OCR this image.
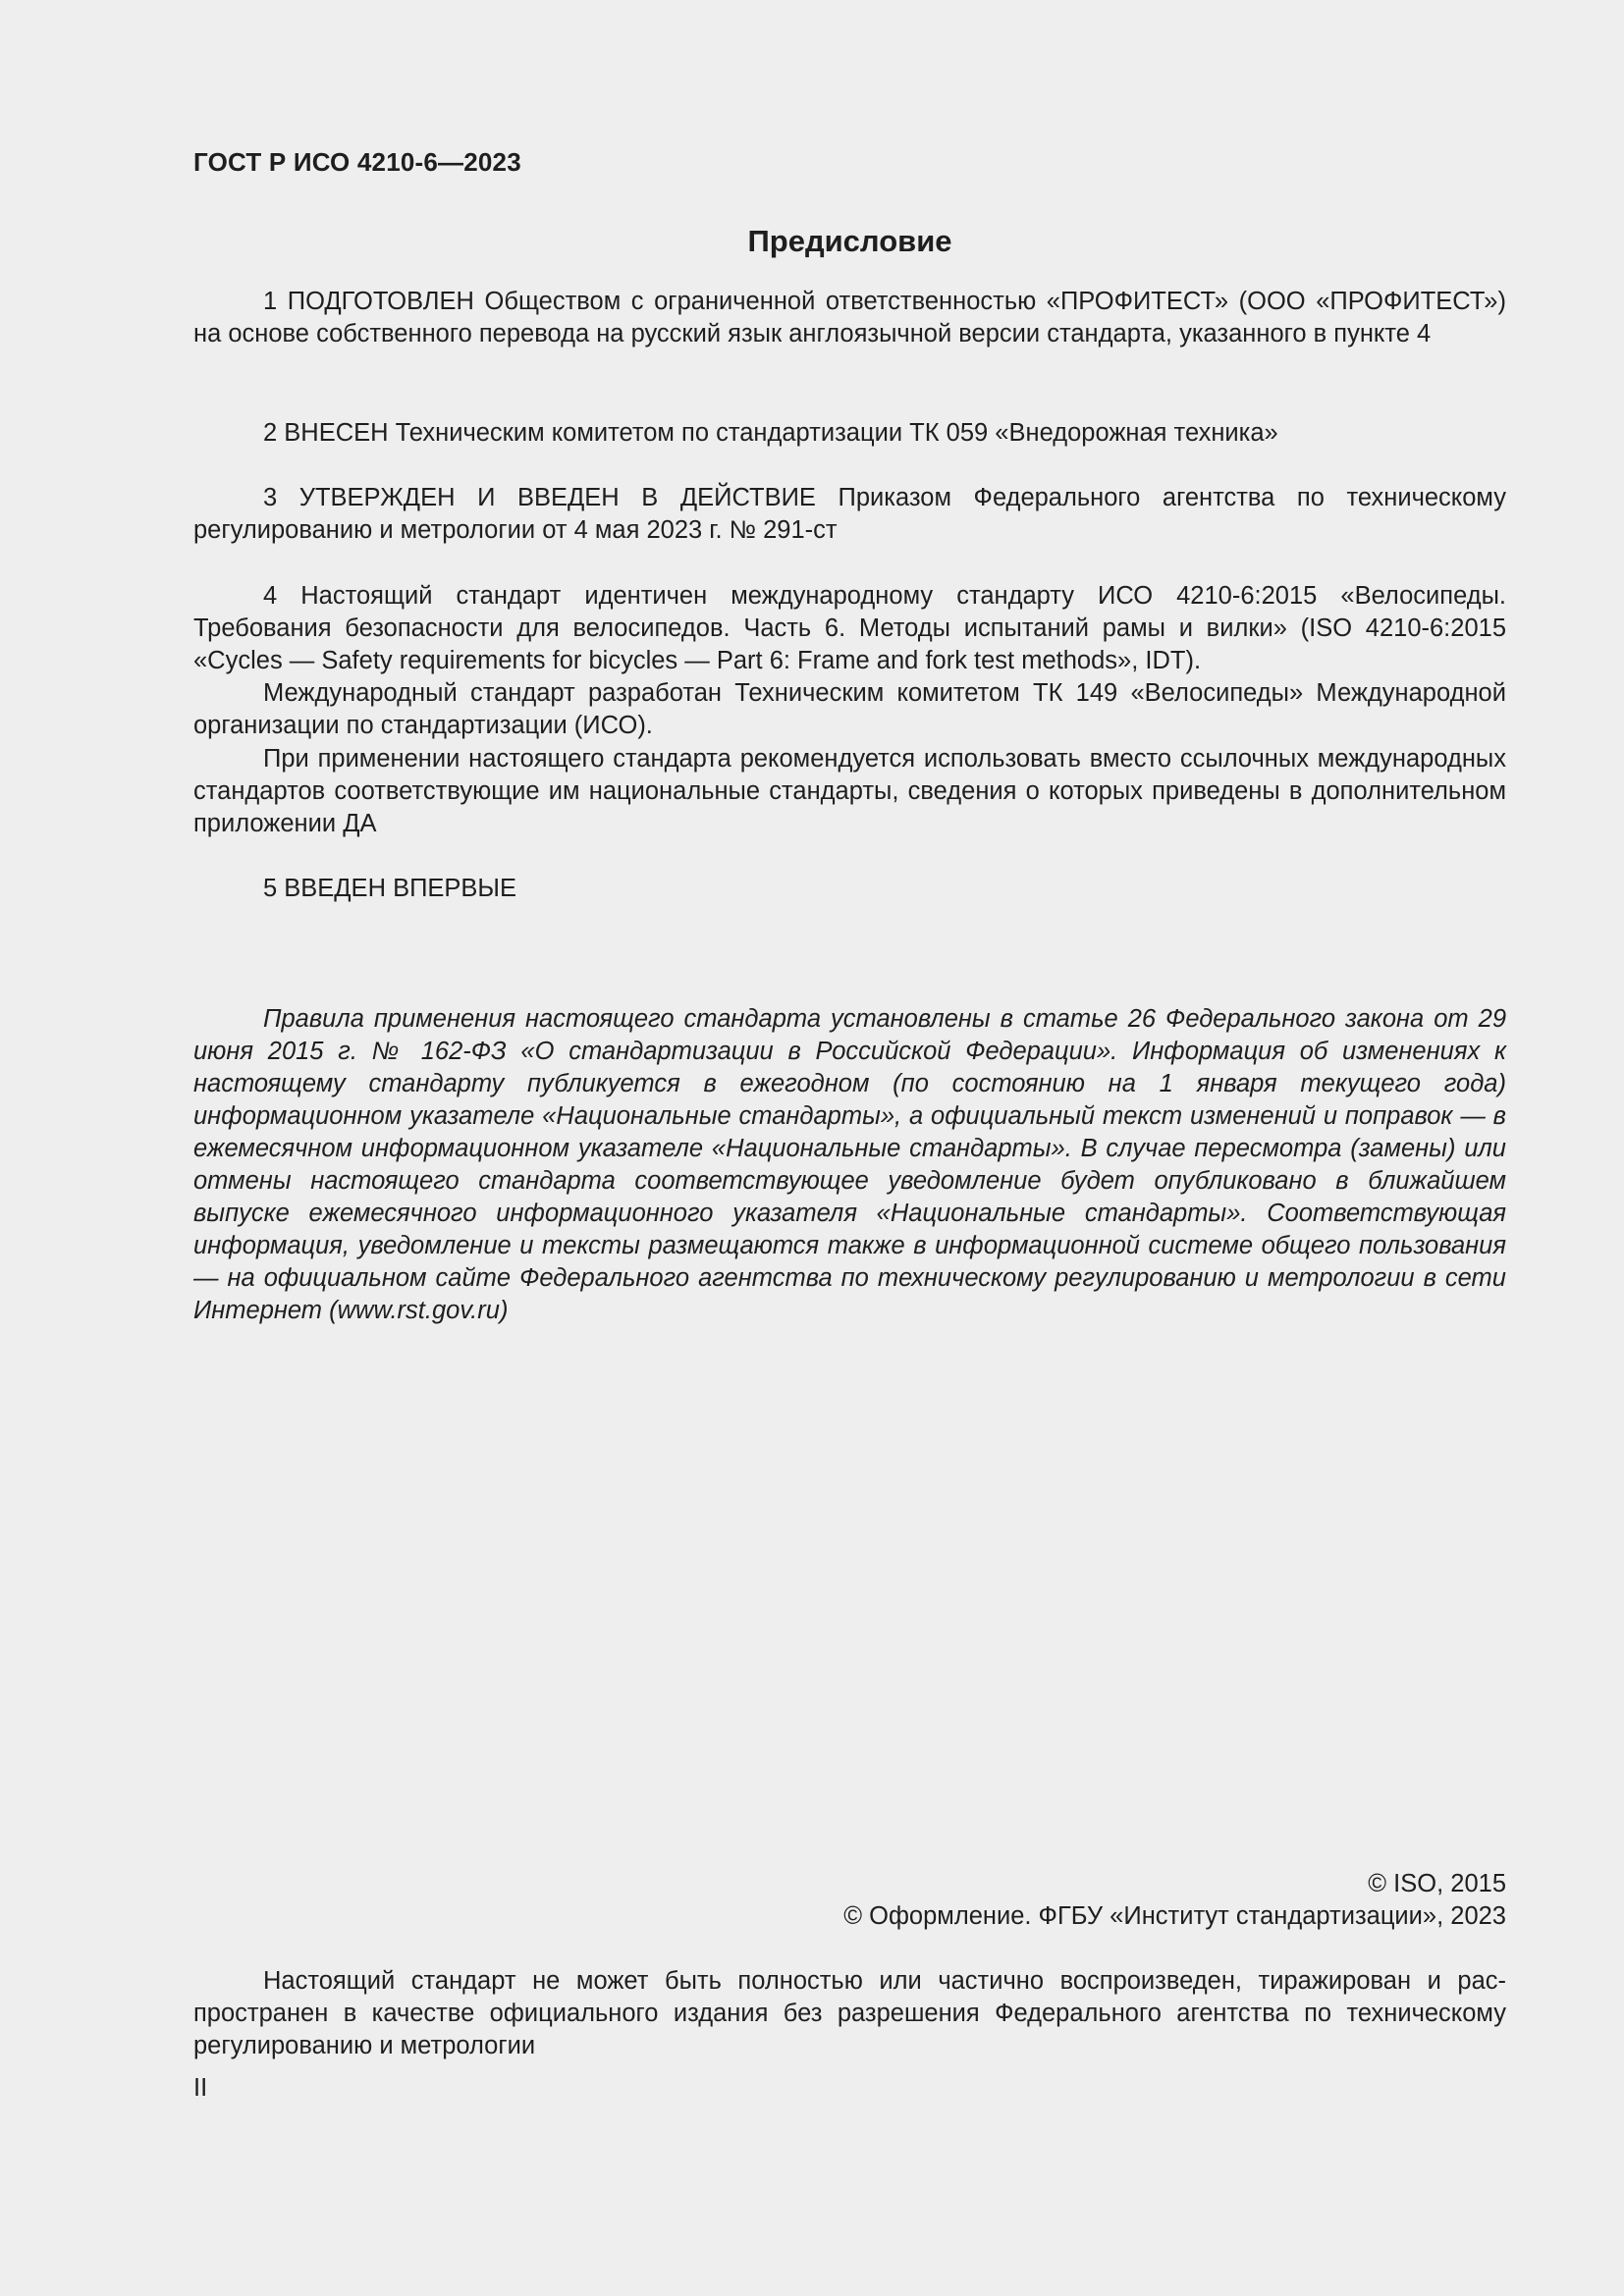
ГОСТ Р ИСО 4210-6—2023
Предисловие

1 ПОДГОТОВЛЕН Обществом с ограниченной ответственностью «ПРОФИТЕСТ» (ООО «ПРОФИТЕСТ») на основе собственного перевода на русский язык англоязычной версии стандарта, указанного в пункте 4

2 ВНЕСЕН Техническим комитетом по стандартизации ТК 059 «Внедорожная техника»

3 УТВЕРЖДЕН И ВВЕДЕН В ДЕЙСТВИЕ Приказом Федерального агентства по техническому регулированию и метрологии от 4 мая 2023 г. № 291-ст

4 Настоящий стандарт идентичен международному стандарту ИСО 4210-6:2015 «Велосипеды. Требования безопасности для велосипедов. Часть 6. Методы испытаний рамы и вилки» (ISO 4210-6:2015 «Cycles — Safety requirements for bicycles — Part 6: Frame and fork test methods», IDT).

Международный стандарт разработан Техническим комитетом ТК 149 «Велосипеды» Международной организации по стандартизации (ИСО).

При применении настоящего стандарта рекомендуется использовать вместо ссылочных международных стандартов соответствующие им национальные стандарты, сведения о которых приведены в дополнительном приложении ДА

5 ВВЕДЕН ВПЕРВЫЕ

Правила применения настоящего стандарта установлены в статье 26 Федерального закона от 29 июня 2015 г. № 162-ФЗ «О стандартизации в Российской Федерации». Информация об изменениях к настоящему стандарту публикуется в ежегодном (по состоянию на 1 января текущего года) информационном указателе «Национальные стандарты», а официальный текст изменений и поправок — в ежемесячном информационном указателе «Национальные стандарты». В случае пересмотра (замены) или отмены настоящего стандарта соответствующее уведомление будет опубликовано в ближайшем выпуске ежемесячного информационного указателя «Национальные стандарты». Соответствующая информация, уведомление и тексты размещаются также в информационной системе общего пользования — на официальном сайте Федерального агентства по техническому регулированию и метрологии в сети Интернет (www.rst.gov.ru)

© ISO, 2015
© Оформление. ФГБУ «Институт стандартизации», 2023

Настоящий стандарт не может быть полностью или частично воспроизведен, тиражирован и распространен в качестве официального издания без разрешения Федерального агентства по техническому регулированию и метрологии

II
